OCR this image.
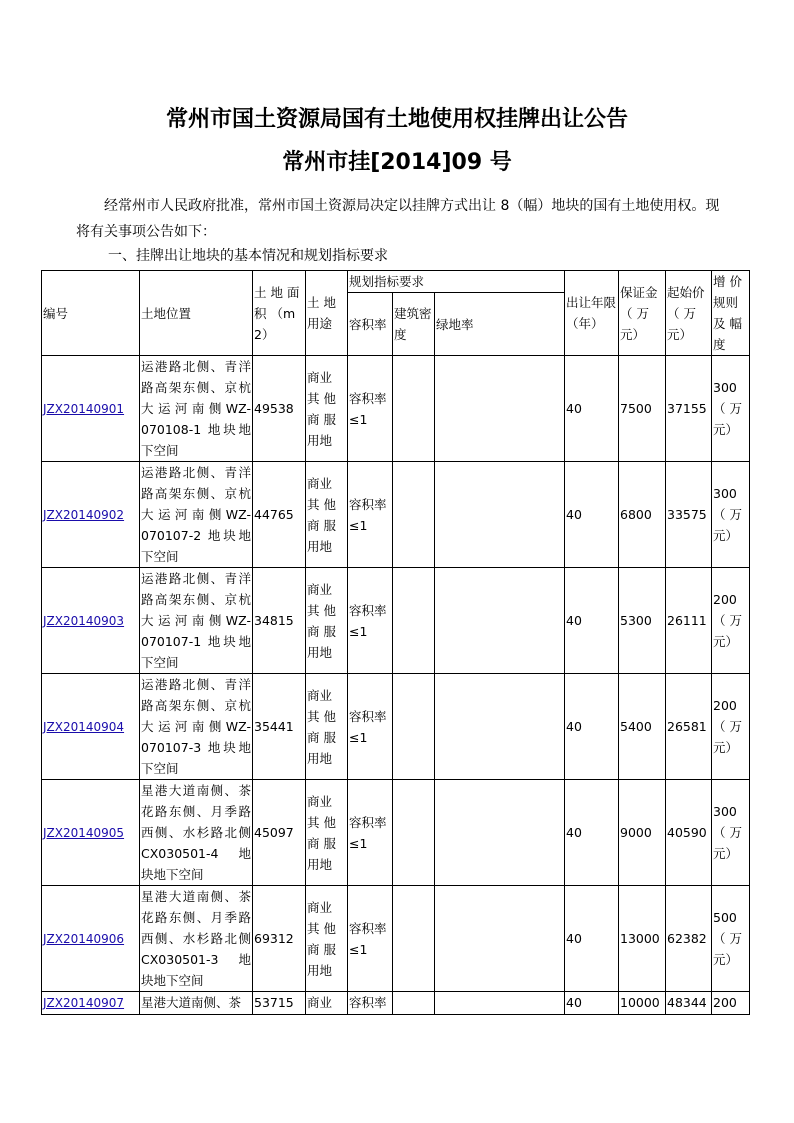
常州市国土资源局国有土地使用权挂牌出让公告
常州市挂[2014]09 号
经常州市人民政府批准，常州市国土资源局决定以挂牌方式出让 8（幅）地块的国有土地使用权。现将有关事项公告如下：
一、挂牌出让地块的基本情况和规划指标要求
编号	土地位置	土 地 面 积 （m2）	土 地 用途	规划指标要求			出让年限（年）	保证金（ 万元）	起始价（ 万元）	增 价规则及 幅度
				容积率	建筑密度	绿地率				
JZX20140901	运港路北侧、青洋路高架东侧、京杭大 运 河 南 侧 WZ-070108-1 地块地下空间	49538	商业 其 他 商 服用地	容积率≤1			40	7500	37155	300 （ 万元）
JZX20140902	运港路北侧、青洋路高架东侧、京杭大 运 河 南 侧 WZ-070107-2 地块地下空间	44765	商业 其 他 商 服用地	容积率≤1			40	6800	33575	300 （ 万元）
JZX20140903	运港路北侧、青洋路高架东侧、京杭大 运 河 南 侧 WZ-070107-1 地块地下空间	34815	商业 其 他 商 服用地	容积率≤1			40	5300	26111	200 （ 万元）
JZX20140904	运港路北侧、青洋路高架东侧、京杭大 运 河 南 侧 WZ-070107-3 地块地下空间	35441	商业 其 他 商 服用地	容积率≤1			40	5400	26581	200 （ 万元）
JZX20140905	星港大道南侧、茶花路东侧、月季路西侧、水杉路北侧 CX030501-4 地 块地下空间	45097	商业 其 他 商 服用地	容积率≤1			40	9000	40590	300 （ 万元）
JZX20140906	星港大道南侧、茶花路东侧、月季路西侧、水杉路北侧 CX030501-3 地 块地下空间	69312	商业 其 他 商 服用地	容积率≤1			40	13000	62382	500 （ 万元）
JZX20140907	星港大道南侧、茶	53715	商业	容积率			40	10000	48344	200
